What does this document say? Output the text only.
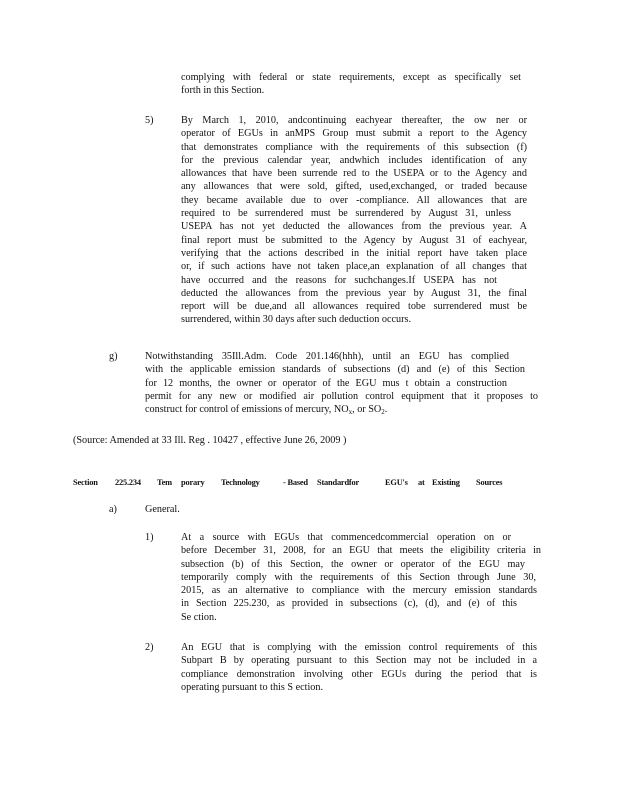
complying with federal or state requirements, except as specifically set
forth in this Section.
5)	By March 1, 2010, andcontinuing eachyear thereafter, the ow ner or
operator of EGUs in anMPS Group must submit a report to the Agency
that demonstrates compliance with the requirements of this subsection (f)
for the previous calendar year, andwhich includes identification of any
allowances that have been surrende red to the USEPA or to the Agency and
any allowances that were sold, gifted, used,exchanged, or traded because
they became available due to over -compliance. All allowances that are
required to be surrendered must be surrendered by August 31, unless
USEPA has not yet deducted the allowances from the previous year. A
final report must be submitted to the Agency by August 31 of eachyear,
verifying that the actions described in the initial report have taken place
or, if such actions have not taken place,an explanation of all changes that
have occurred and the reasons for suchchanges.If USEPA has not
deducted the allowances from the previous year by August 31, the final
report will be due,and all allowances required tobe surrendered must be
surrendered, within 30 days after such deduction occurs.
g)	Notwithstanding 35Ill.Adm. Code 201.146(hhh), until an EGU has complied
with the applicable emission standards of subsections (d) and (e) of this Section
for 12 months, the owner or operator of the EGU mus t obtain a construction
permit for any new or modified air pollution control equipment that it proposes to
construct for control of emissions of mercury, $NO_x$, or $SO_2$.
(Source: Amended at 33 Ill. Reg . 10427 , effective June 26, 2009 )
Section 225.234 Tem porary Technology	- Based Standardfor	EGU's at Existing Sources
a)	General.
1)	At a source with EGUs that commencedcommercial operation on or
before December 31, 2008, for an EGU that meets the eligibility criteria in
subsection (b) of this Section, the owner or operator of the EGU may
temporarily comply with the requirements of this Section through June 30,
2015, as an alternative to compliance with the mercury emission standards
in Section 225.230, as provided in subsections (c), (d), and (e) of this
Se ction.
2)	An EGU that is complying with the emission control requirements of this
Subpart B by operating pursuant to this Section may not be included in a
compliance demonstration involving other EGUs during the period that is
operating pursuant to this S ection.
